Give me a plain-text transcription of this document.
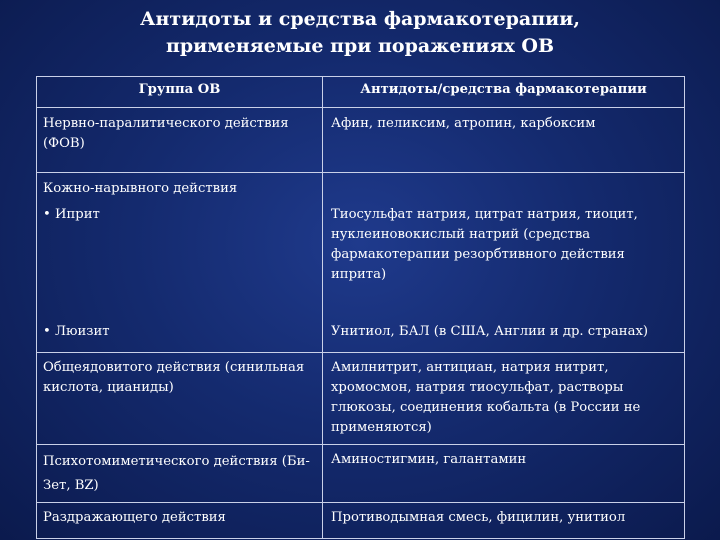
Антидоты и средства фармакотерапии,
применяемые при поражениях ОВ
Группа ОВ	Антидоты/средства фармакотерапии
Нервно-паралитического действия (ФОВ)	Афин, пеликсим, атропин, карбоксим
Кожно-нарывного действия	
• Иприт	Тиосульфат натрия, цитрат натрия, тиоцит, нуклеиновокислый натрий (средства фармакотерапии резорбтивного действия иприта)
• Люизит	Унитиол, БАЛ (в США, Англии и др. странах)
Общеядовитого действия (синильная кислота, цианиды)	Амилнитрит, антициан, натрия нитрит, хромосмон, натрия тиосульфат, растворы глюкозы, соединения кобальта (в России не применяются)
Психотомиметического действия (Би-Зет, BZ)	Аминостигмин, галантамин
Раздражающего действия	Противодымная смесь, фицилин, унитиол
